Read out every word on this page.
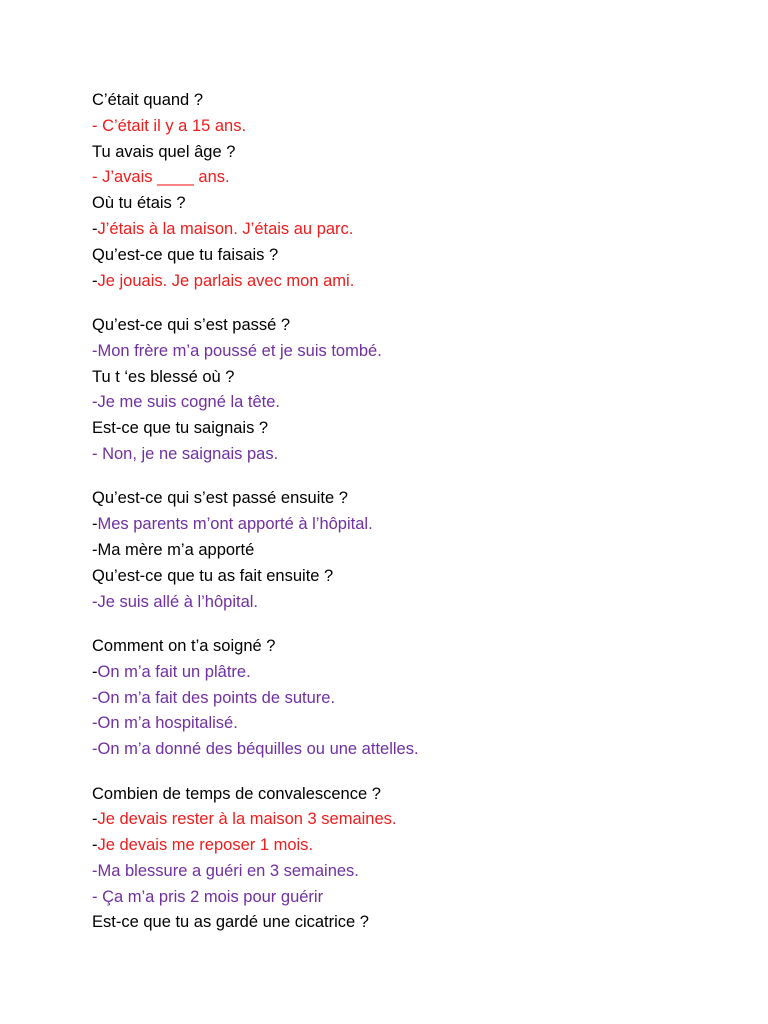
C’était quand ?
- C’était il y a 15 ans.
Tu avais quel âge ?
- J’avais ____ ans.
Où tu étais ?
-J’étais à la maison. J’étais au parc.
Qu’est-ce que tu faisais ?
-Je jouais. Je parlais avec mon ami.
Qu’est-ce qui s’est passé ?
-Mon frère m’a poussé et je suis tombé.
Tu t ‘es blessé où ?
-Je me suis cogné la tête.
Est-ce que tu saignais ?
- Non, je ne saignais pas.
Qu’est-ce qui s’est passé ensuite ?
-Mes parents m’ont apporté à l’hôpital.
-Ma mère m’a apporté
Qu’est-ce que tu as fait ensuite ?
-Je suis allé à l’hôpital.
Comment on t’a soigné ?
-On m’a fait un plâtre.
-On m’a fait des points de suture.
-On m’a hospitalisé.
-On m’a donné des béquilles ou une attelles.
Combien de temps de convalescence ?
-Je devais rester à la maison 3 semaines.
-Je devais me reposer 1 mois.
-Ma blessure a guéri en 3 semaines.
- Ça m’a pris 2 mois pour guérir
Est-ce que tu as gardé une cicatrice ?
